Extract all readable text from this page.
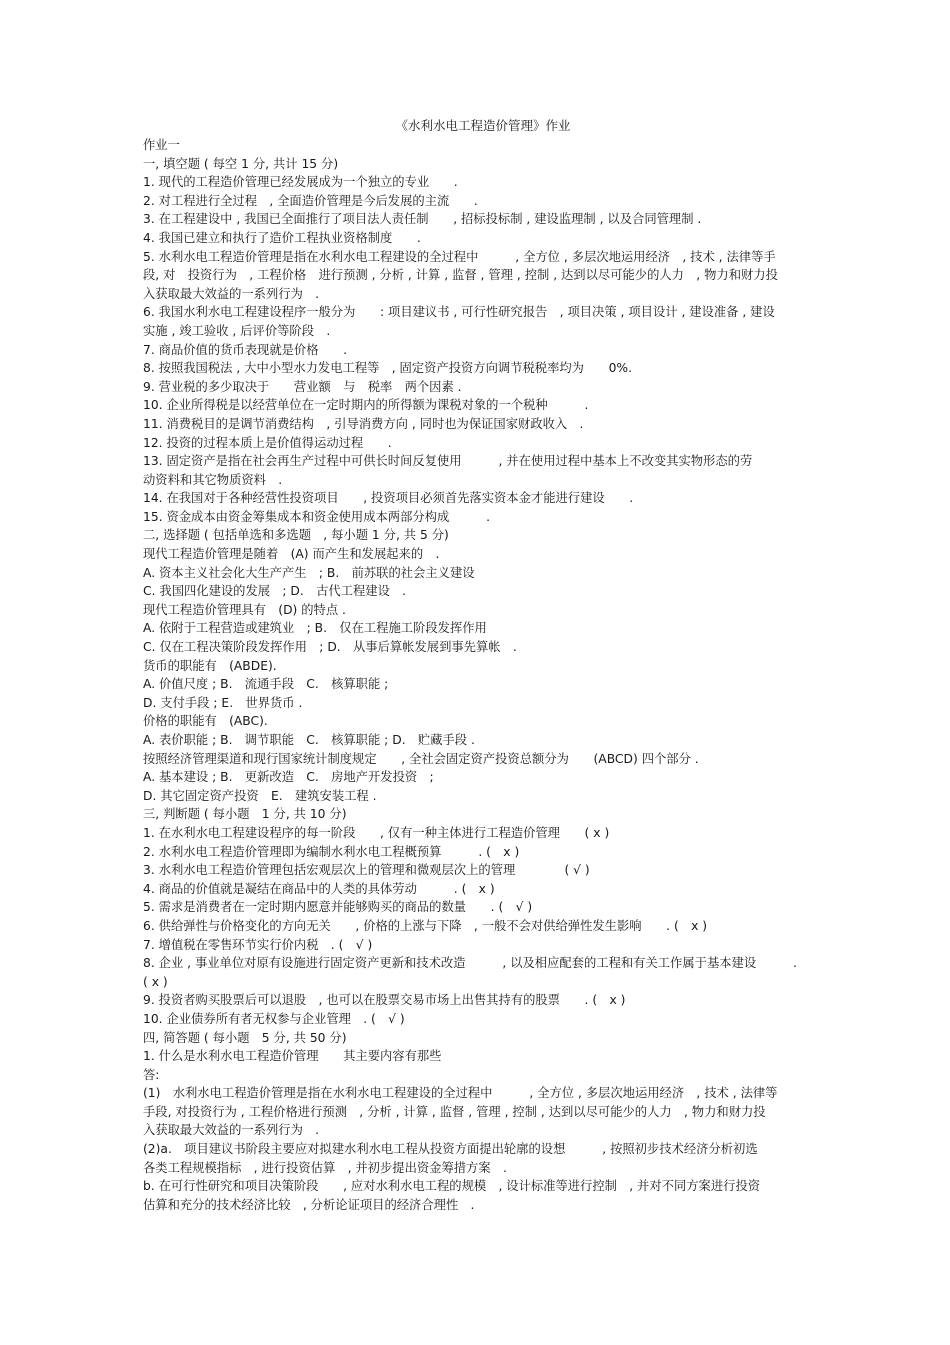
《水利水电工程造价管理》作业
作业一
一, 填空题 ( 每空 1 分, 共计 15 分)
1. 现代的工程造价管理已经发展成为一个独立的专业　　.
2. 对工程进行全过程　, 全面造价管理是今后发展的主流　　.
3. 在工程建设中 , 我国已全面推行了项目法人责任制　　, 招标投标制 , 建设监理制 , 以及合同管理制 .
4. 我国已建立和执行了造价工程执业资格制度　　.
5. 水利水电工程造价管理是指在水利水电工程建设的全过程中　　　, 全方位 , 多层次地运用经济　, 技术 , 法律等手
段, 对　投资行为　, 工程价格　进行预测 , 分析 , 计算 , 监督 , 管理 , 控制 , 达到以尽可能少的人力　, 物力和财力投
入获取最大效益的一系列行为　.
6. 我国水利水电工程建设程序一般分为　　: 项目建议书 , 可行性研究报告　, 项目决策 , 项目设计 , 建设准备 , 建设
实施 , 竣工验收 , 后评价等阶段　.
7. 商品价值的货币表现就是价格　　.
8. 按照我国税法 , 大中小型水力发电工程等　, 固定资产投资方向调节税税率均为　　0%.
9. 营业税的多少取决于　　营业额　与　税率　两个因素 .
10. 企业所得税是以经营单位在一定时期内的所得额为课税对象的一个税种　　　.
11. 消费税目的是调节消费结构　, 引导消费方向 , 同时也为保证国家财政收入　.
12. 投资的过程本质上是价值得运动过程　　.
13. 固定资产是指在社会再生产过程中可供长时间反复使用　　　, 并在使用过程中基本上不改变其实物形态的劳
动资料和其它物质资料　.
14. 在我国对于各种经营性投资项目　　, 投资项目必须首先落实资本金才能进行建设　　.
15. 资金成本由资金筹集成本和资金使用成本两部分构成　　　.
二, 选择题 ( 包括单选和多选题　, 每小题 1 分, 共 5 分)
现代工程造价管理是随着　(A) 而产生和发展起来的　.
A. 资本主义社会化大生产产生　; B.　前苏联的社会主义建设
C. 我国四化建设的发展　; D.　古代工程建设　.
现代工程造价管理具有　(D) 的特点 .
A. 依附于工程营造或建筑业　; B.　仅在工程施工阶段发挥作用
C. 仅在工程决策阶段发挥作用　; D.　从事后算帐发展到事先算帐　.
货币的职能有　(ABDE).
A. 价值尺度 ; B.　流通手段　C.　核算职能 ;
D. 支付手段 ; E.　世界货币 .
价格的职能有　(ABC).
A. 表价职能 ; B.　调节职能　C.　核算职能 ; D.　贮藏手段 .
按照经济管理渠道和现行国家统计制度规定　　, 全社会固定资产投资总额分为　　(ABCD) 四个部分 .
A. 基本建设 ; B.　更新改造　C.　房地产开发投资　;
D. 其它固定资产投资　E.　建筑安装工程 .
三, 判断题 ( 每小题　1 分, 共 10 分)
1. 在水利水电工程建设程序的每一阶段　　, 仅有一种主体进行工程造价管理　　( x )
2. 水利水电工程造价管理即为编制水利水电工程概预算　　　. (　x )
3. 水利水电工程造价管理包括宏观层次上的管理和微观层次上的管理　　　　( √ )
4. 商品的价值就是凝结在商品中的人类的具体劳动　　　. (　x )
5. 需求是消费者在一定时期内愿意并能够购买的商品的数量　　. (　√ )
6. 供给弹性与价格变化的方向无关　　, 价格的上涨与下降　, 一般不会对供给弹性发生影响　　. (　x )
7. 增值税在零售环节实行价内税　. (　√ )
8. 企业 , 事业单位对原有设施进行固定资产更新和技术改造　　　, 以及相应配套的工程和有关工作属于基本建设　　　.
( x )
9. 投资者购买股票后可以退股　, 也可以在股票交易市场上出售其持有的股票　　. (　x )
10. 企业债券所有者无权参与企业管理　. (　√ )
四, 简答题 ( 每小题　5 分, 共 50 分)
1. 什么是水利水电工程造价管理　　其主要内容有那些
答:
(1)　水利水电工程造价管理是指在水利水电工程建设的全过程中　　　, 全方位 , 多层次地运用经济　, 技术 , 法律等
手段, 对投资行为 , 工程价格进行预测　, 分析 , 计算 , 监督 , 管理 , 控制 , 达到以尽可能少的人力　, 物力和财力投
入获取最大效益的一系列行为　.
(2)a.　项目建议书阶段主要应对拟建水利水电工程从投资方面提出轮廓的设想　　　, 按照初步技术经济分析初选
各类工程规模指标　, 进行投资估算　, 并初步提出资金筹措方案　.
b. 在可行性研究和项目决策阶段　　, 应对水利水电工程的规模　, 设计标准等进行控制　, 并对不同方案进行投资
估算和充分的技术经济比较　, 分析论证项目的经济合理性　.
